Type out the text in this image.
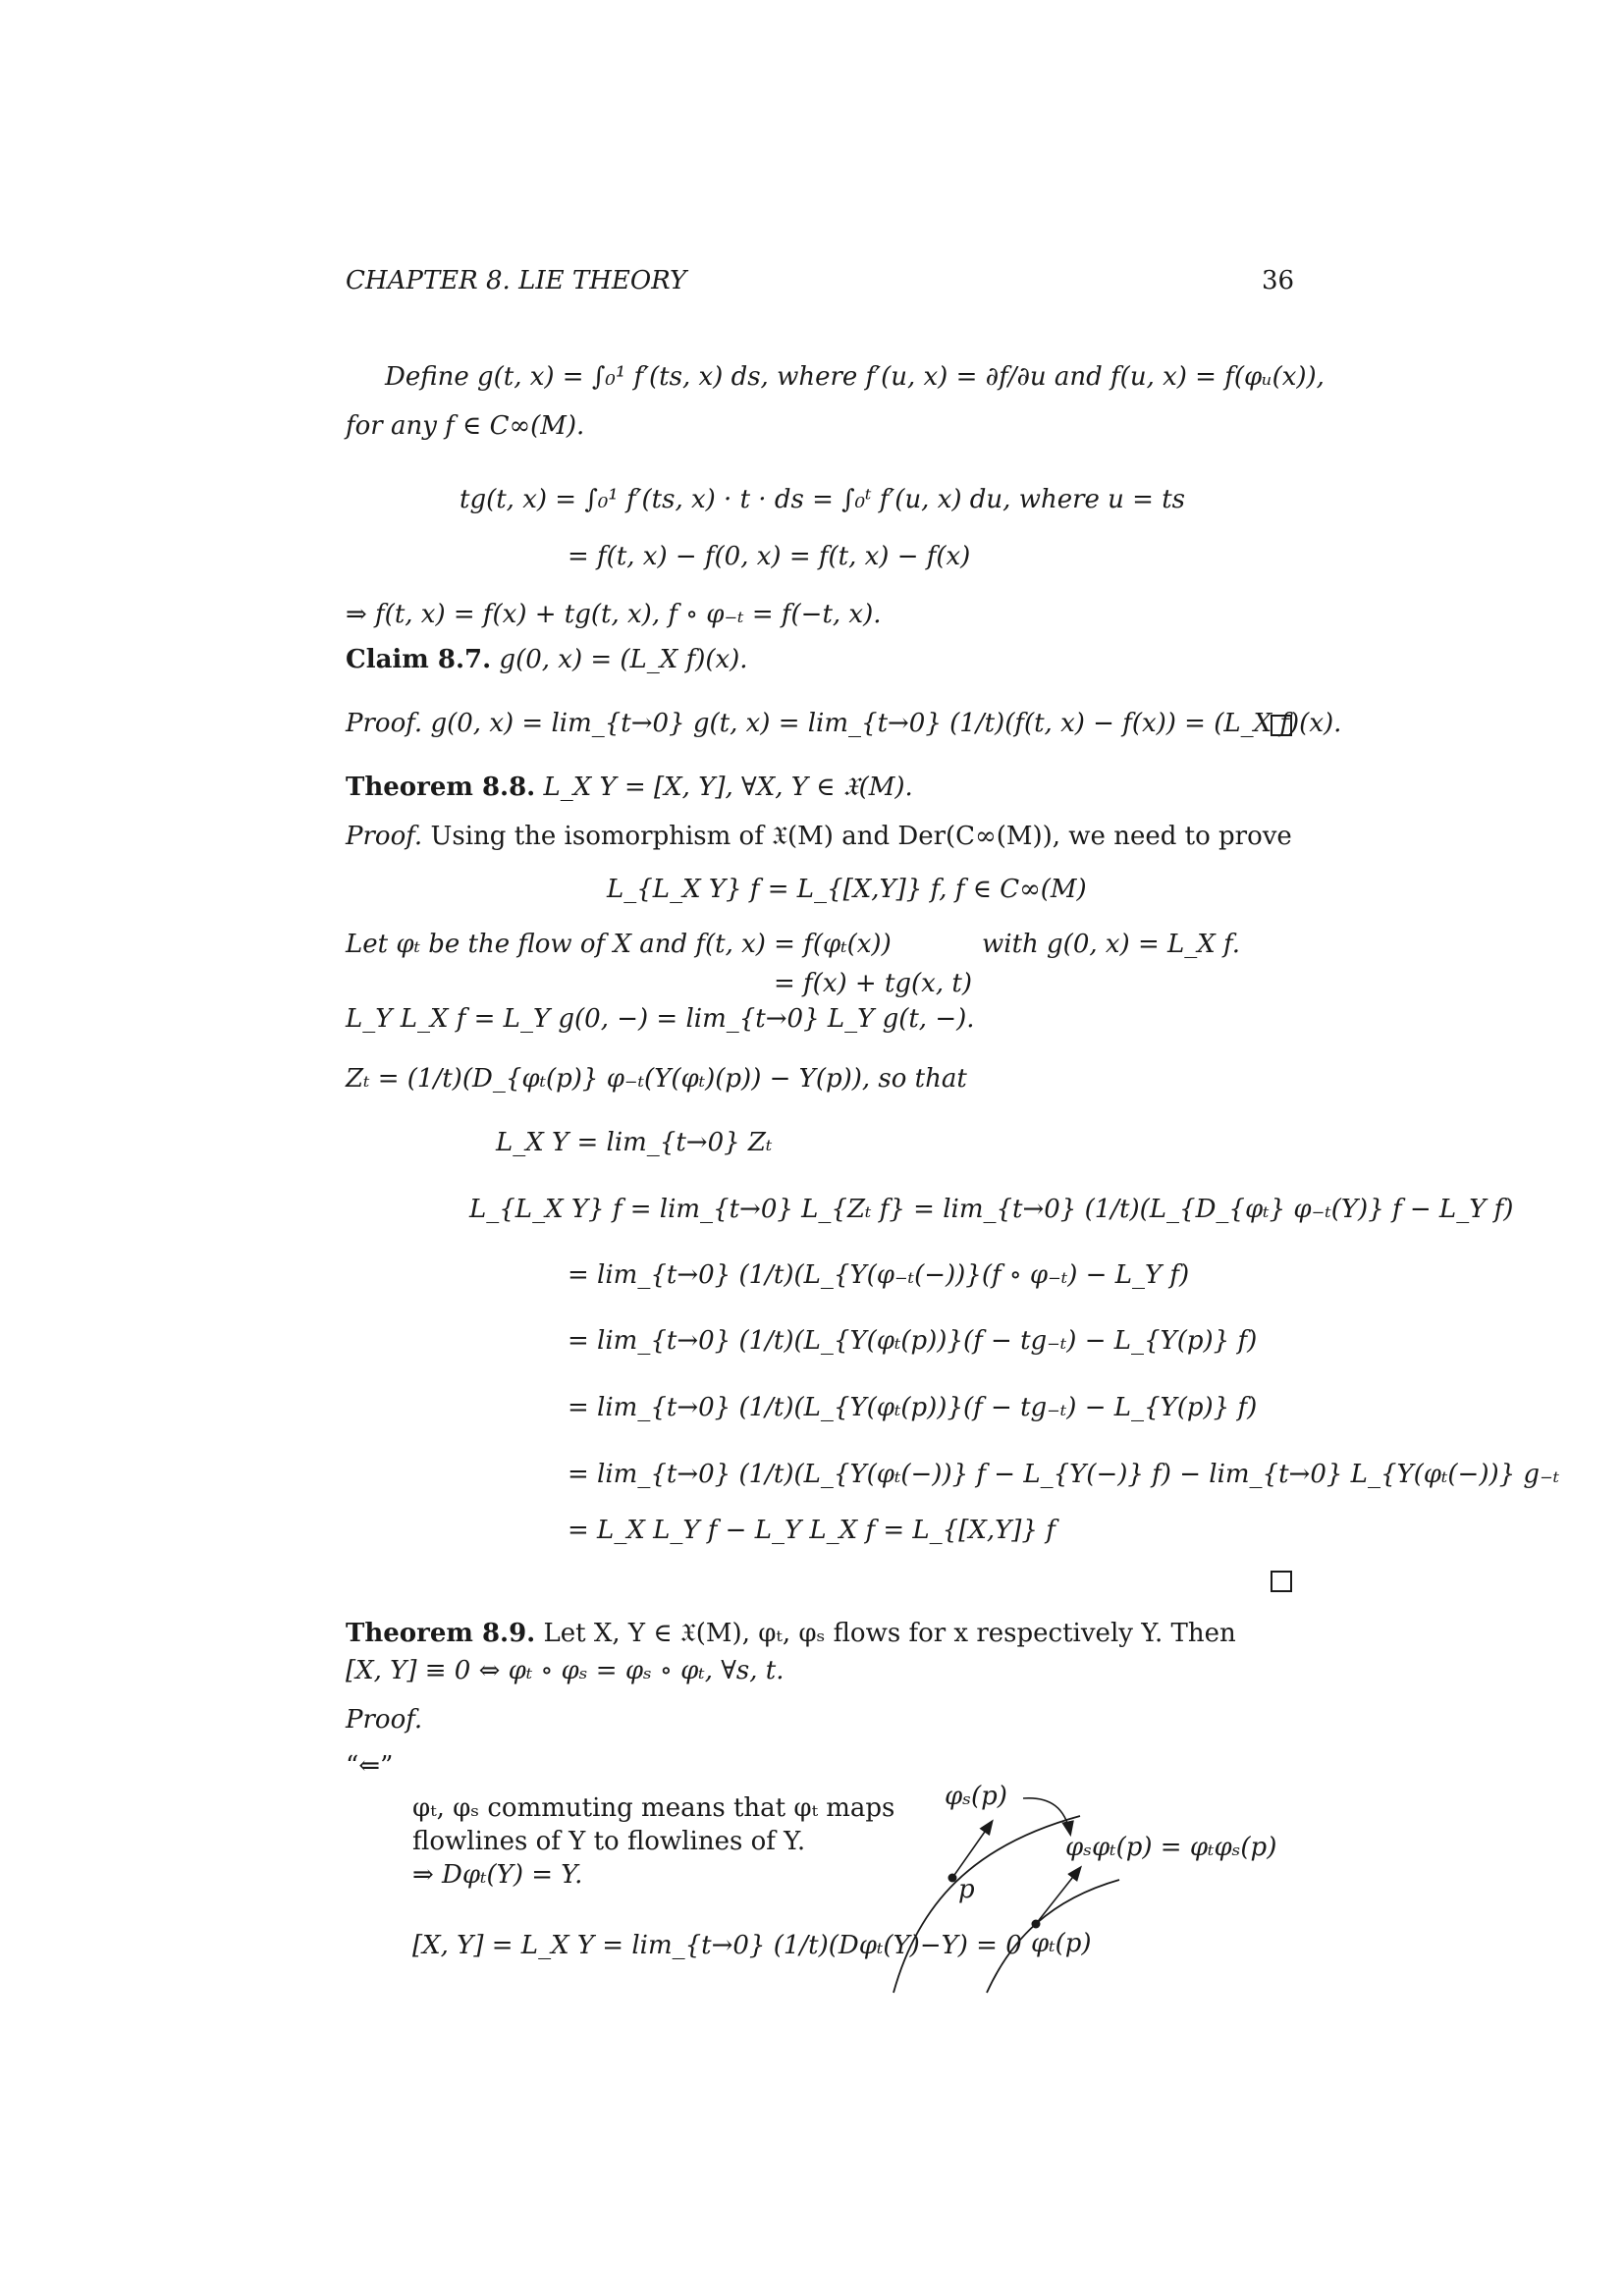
CHAPTER 8. LIE THEORY	36
Define g(t, x) = ∫₀¹ f′(ts, x) ds, where f′(u, x) = ∂f/∂u and f(u, x) = f(φᵤ(x)),
for any f ∈ C∞(M).
tg(t, x) = ∫₀¹ f′(ts, x) · t · ds = ∫₀ᵗ f′(u, x) du, where u = ts
= f(t, x) − f(0, x) = f(t, x) − f(x)
⇒ f(t, x) = f(x) + tg(t, x), f ∘ φ₋ₜ = f(−t, x).
Claim 8.7. g(0, x) = (L_X f)(x).
Proof. g(0, x) = lim_{t→0} g(t, x) = lim_{t→0} (1/t)(f(t, x) − f(x)) = (L_X f)(x).
Theorem 8.8. L_X Y = [X, Y], ∀X, Y ∈ 𝔛(M).
Proof. Using the isomorphism of 𝔛(M) and Der(C∞(M)), we need to prove
L_{L_X Y} f = L_{[X,Y]} f, f ∈ C∞(M)
Let φₜ be the flow of X and f(t, x) = f(φₜ(x))	with g(0, x) = L_X f.
= f(x) + tg(x, t)
L_Y L_X f = L_Y g(0, −) = lim_{t→0} L_Y g(t, −).
Zₜ = (1/t)(D_{φₜ(p)} φ₋ₜ(Y(φₜ)(p)) − Y(p)), so that
L_X Y = lim_{t→0} Zₜ
L_{L_X Y} f = lim_{t→0} L_{Zₜ f} = lim_{t→0} (1/t)(L_{D_{φₜ} φ₋ₜ(Y)} f − L_Y f)
= lim_{t→0} (1/t)(L_{Y(φ₋ₜ(−))}(f ∘ φ₋ₜ) − L_Y f)
= lim_{t→0} (1/t)(L_{Y(φₜ(p))}(f − tg₋ₜ) − L_{Y(p)} f)
= lim_{t→0} (1/t)(L_{Y(φₜ(p))}(f − tg₋ₜ) − L_{Y(p)} f)
= lim_{t→0} (1/t)(L_{Y(φₜ(−))} f − L_{Y(−)} f) − lim_{t→0} L_{Y(φₜ(−))} g₋ₜ
= L_X L_Y f − L_Y L_X f = L_{[X,Y]} f
Theorem 8.9. Let X, Y ∈ 𝔛(M), φₜ, φₛ flows for x respectively Y. Then
[X, Y] ≡ 0 ⇔ φₜ ∘ φₛ = φₛ ∘ φₜ, ∀s, t.
Proof.
“⇐”
φₜ, φₛ commuting means that φₜ maps
flowlines of Y to flowlines of Y.
⇒ Dφₜ(Y) = Y.
[X, Y] = L_X Y = lim_{t→0} (1/t)(Dφₜ(Y)−Y) = 0
φₛ(p)
p
φₛφₜ(p) = φₜφₛ(p)
φₜ(p)
